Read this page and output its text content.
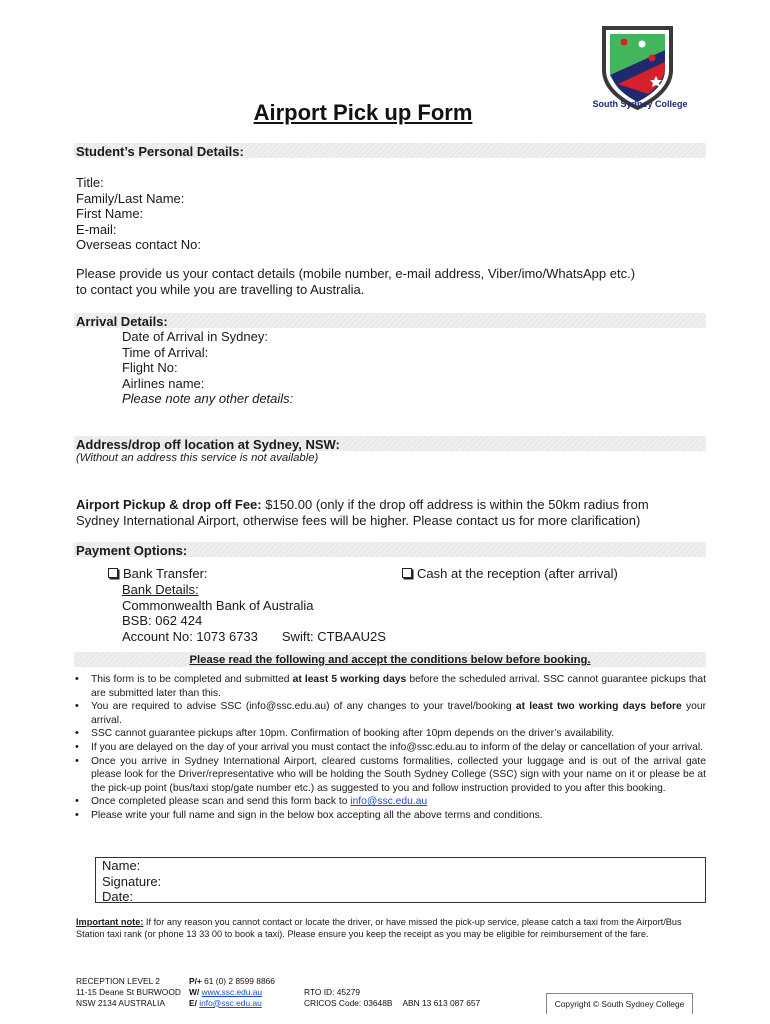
South Sydney College
Airport Pick up Form
Student’s Personal Details:
Title:
Family/Last Name:
First Name:
E-mail:
Overseas contact No:
Please provide us your contact details (mobile number, e-mail address, Viber/imo/WhatsApp etc.)
to contact you while you are travelling to Australia.
Arrival Details:
Date of Arrival in Sydney:
Time of Arrival:
Flight No:
Airlines name:
Please note any other details:
Address/drop off location at Sydney, NSW:
(Without an address this service is not available)
Airport Pickup & drop off Fee: $150.00 (only if the drop off address is within the 50km radius from
Sydney International Airport, otherwise fees will be higher. Please contact us for more clarification)
Payment Options:
Bank Transfer:	Cash at the reception (after arrival)
Bank Details:
Commonwealth Bank of Australia
BSB: 062 424
Account No: 1073 6733 Swift: CTBAAU2S
Please read the following and accept the conditions below before booking.
• This form is to be completed and submitted at least 5 working days before the scheduled arrival. SSC cannot guarantee pickups that are submitted later than this.
• You are required to advise SSC (info@ssc.edu.au) of any changes to your travel/booking at least two working days before your arrival.
• SSC cannot guarantee pickups after 10pm. Confirmation of booking after 10pm depends on the driver’s availability.
• If you are delayed on the day of your arrival you must contact the info@ssc.edu.au to inform of the delay or cancellation of your arrival.
• Once you arrive in Sydney International Airport, cleared customs formalities, collected your luggage and is out of the arrival gate please look for the Driver/representative who will be holding the South Sydney College (SSC) sign with your name on it or please be at the pick-up point (bus/taxi stop/gate number etc.) as suggested to you and follow instruction provided to you after this booking.
• Once completed please scan and send this form back to info@ssc.edu.au
• Please write your full name and sign in the below box accepting all the above terms and conditions.
Name:
Signature:
Date:
Important note: If for any reason you cannot contact or locate the driver, or have missed the pick-up service, please catch a taxi from the Airport/Bus Station taxi rank (or phone 13 33 00 to book a taxi). Please ensure you keep the receipt as you may be eligible for reimbursement of the fare.
RECEPTION LEVEL 2
11-15 Deane St BURWOOD
NSW 2134 AUSTRALIA
P/+ 61 (0) 2 8599 8866
W/ www.ssc.edu.au
E/ info@ssc.edu.au
RTO ID: 45279
CRICOS Code: 03648B ABN 13 613 087 657	Copyright © South Sydney College
